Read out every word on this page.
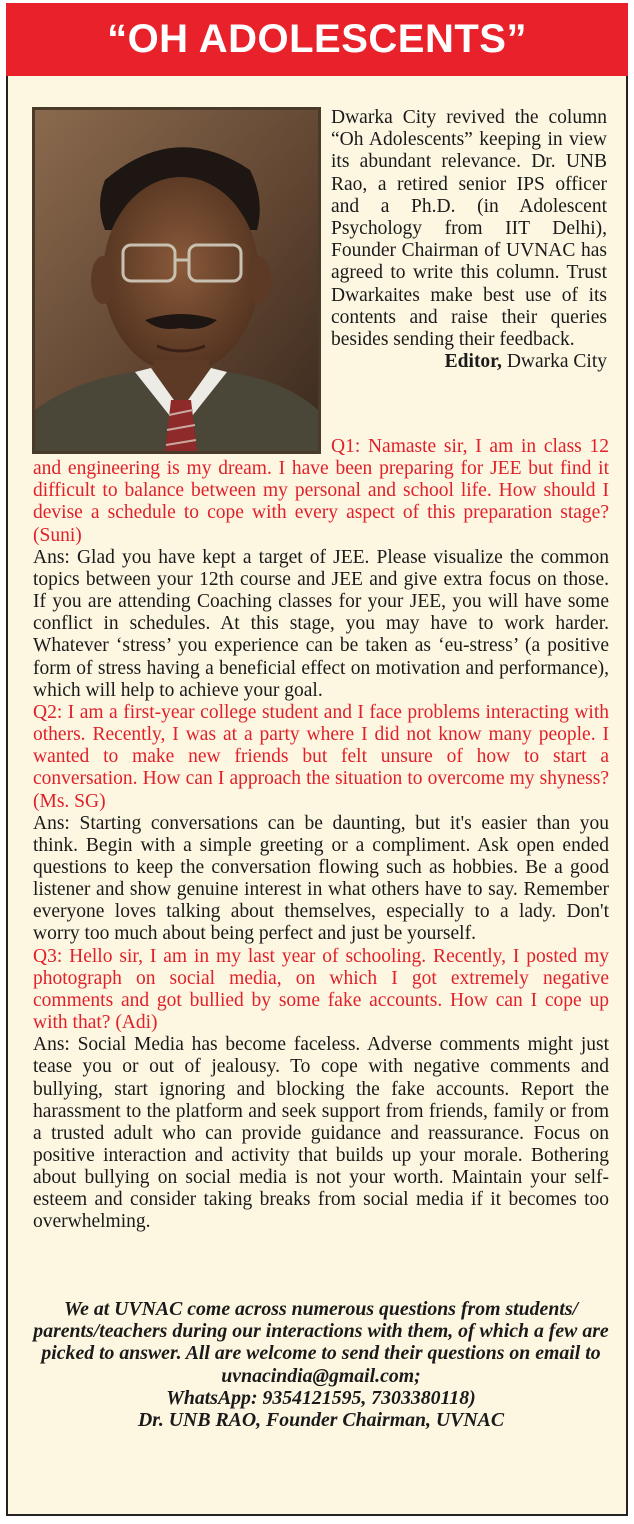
“OH ADOLESCENTS”

Dwarka City revived the column “Oh Adolescents” keeping in view its abundant relevance. Dr. UNB Rao, a retired senior IPS officer and a Ph.D. (in Adolescent Psychology from IIT Delhi), Founder Chairman of UVNAC has agreed to write this column. Trust Dwarkaites make best use of its contents and raise their queries besides sending their feedback.

Editor, Dwarka City

Q1: Namaste sir, I am in class 12 and engineering is my dream. I have been preparing for JEE but find it difficult to balance between my personal and school life. How should I devise a schedule to cope with every aspect of this preparation stage? (Suni)

Ans: Glad you have kept a target of JEE. Please visualize the common topics between your 12th course and JEE and give extra focus on those. If you are attending Coaching classes for your JEE, you will have some conflict in schedules. At this stage, you may have to work harder. Whatever ‘stress’ you experience can be taken as ‘eu-stress’ (a positive form of stress having a beneficial effect on motivation and performance), which will help to achieve your goal.

Q2: I am a first-year college student and I face problems interacting with others. Recently, I was at a party where I did not know many people. I wanted to make new friends but felt unsure of how to start a conversation. How can I approach the situation to overcome my shyness? (Ms. SG)

Ans: Starting conversations can be daunting, but it's easier than you think. Begin with a simple greeting or a compliment. Ask open ended questions to keep the conversation flowing such as hobbies. Be a good listener and show genuine interest in what others have to say. Remember everyone loves talking about themselves, especially to a lady. Don't worry too much about being perfect and just be yourself.

Q3: Hello sir, I am in my last year of schooling. Recently, I posted my photograph on social media, on which I got extremely negative comments and got bullied by some fake accounts. How can I cope up with that? (Adi)

Ans: Social Media has become faceless. Adverse comments might just tease you or out of jealousy. To cope with negative comments and bullying, start ignoring and blocking the fake accounts. Report the harassment to the platform and seek support from friends, family or from a trusted adult who can provide guidance and reassurance. Focus on positive interaction and activity that builds up your morale. Bothering about bullying on social media is not your worth. Maintain your self- esteem and consider taking breaks from social media if it becomes too overwhelming.

We at UVNAC come across numerous questions from students/ parents/teachers during our interactions with them, of which a few are picked to answer. All are welcome to send their questions on email to uvnacindia@gmail.com;

WhatsApp: 9354121595, 7303380118)

Dr. UNB RAO, Founder Chairman, UVNAC
